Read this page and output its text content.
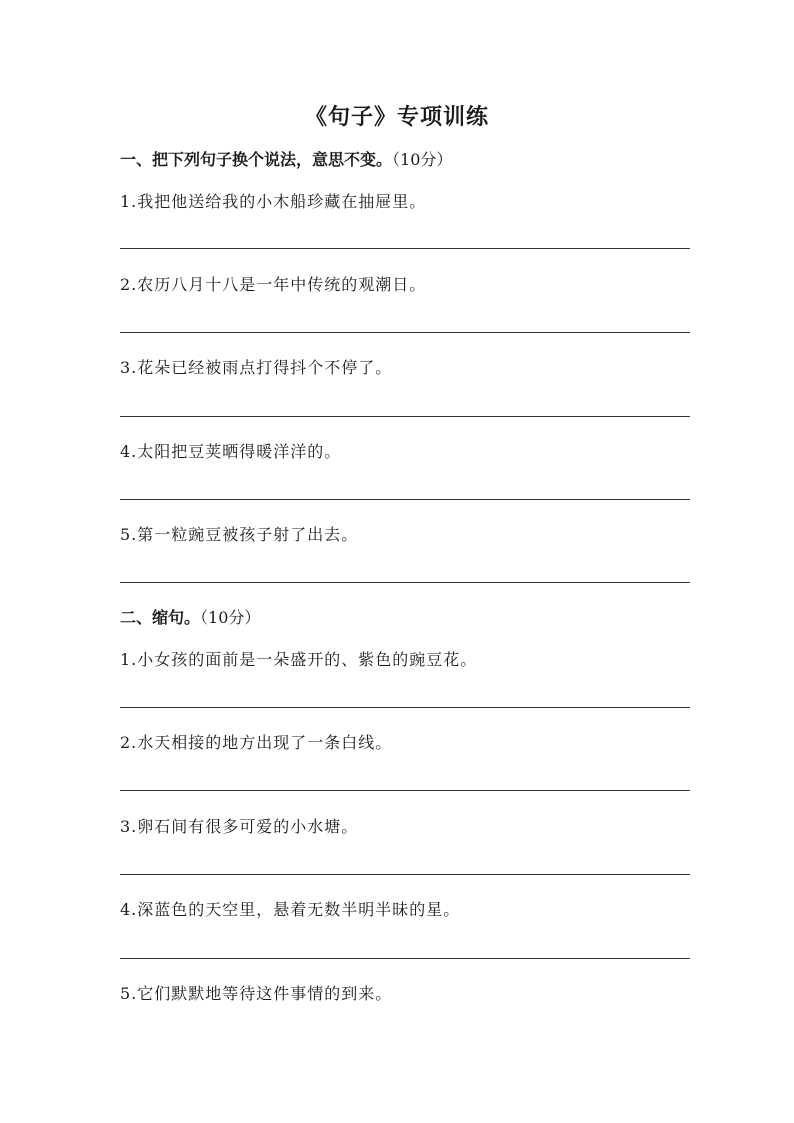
《句子》专项训练
一、把下列句子换个说法，意思不变。（10分）
1.我把他送给我的小木船珍藏在抽屉里。
2.农历八月十八是一年中传统的观潮日。
3.花朵已经被雨点打得抖个不停了。
4.太阳把豆荚晒得暖洋洋的。
5.第一粒豌豆被孩子射了出去。
二、缩句。（10分）
1.小女孩的面前是一朵盛开的、紫色的豌豆花。
2.水天相接的地方出现了一条白线。
3.卵石间有很多可爱的小水塘。
4.深蓝色的天空里，悬着无数半明半昧的星。
5.它们默默地等待这件事情的到来。
